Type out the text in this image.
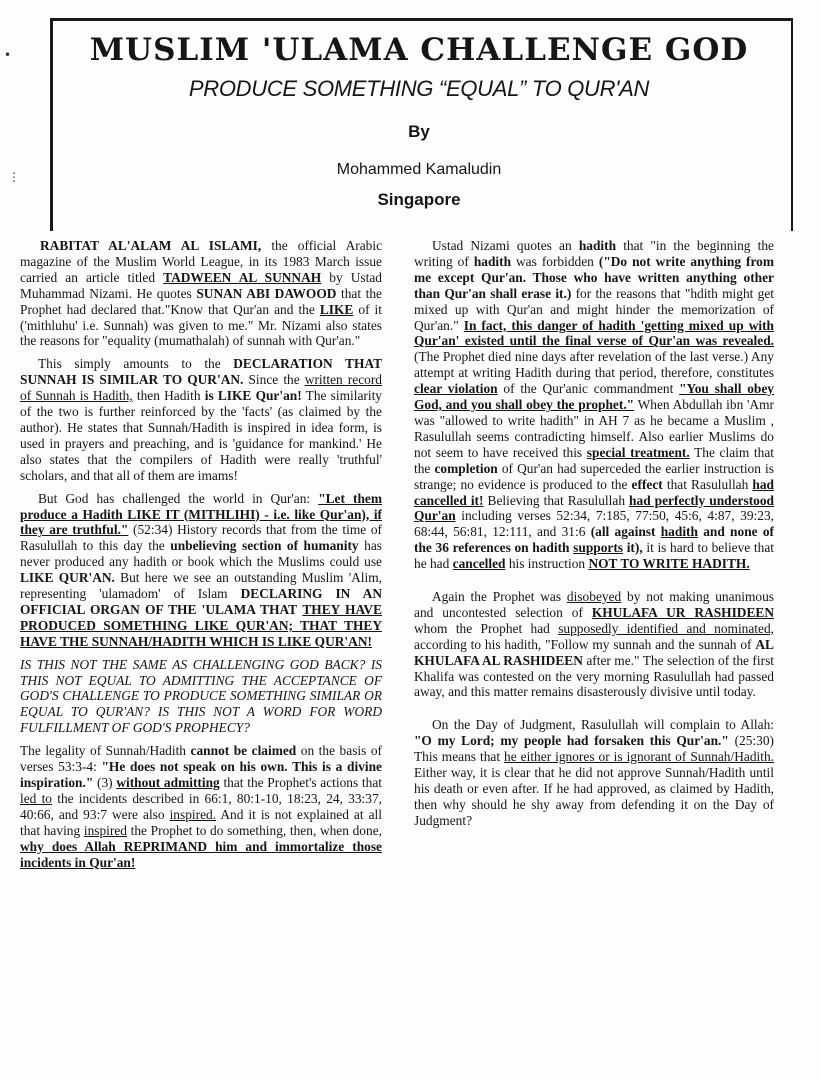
•
⋮
MUSLIM 'ULAMA CHALLENGE GOD
PRODUCE SOMETHING “EQUAL” TO QUR'AN
By
Mohammed Kamaludin
Singapore

RABITAT AL'ALAM AL ISLAMI, the official Arabic magazine of the Muslim World League, in its 1983 March issue carried an article titled TADWEEN AL SUNNAH by Ustad Muhammad Nizami. He quotes SUNAN ABI DAWOOD that the Prophet had declared that."Know that Qur'an and the LIKE of it ('mithluhu' i.e. Sunnah) was given to me." Mr. Nizami also states the reasons for "equality (mumathalah) of sunnah with Qur'an."

This simply amounts to the DECLARATION THAT SUNNAH IS SIMILAR TO QUR'AN. Since the written record of Sunnah is Hadith, then Hadith is LIKE Qur'an! The similarity of the two is further reinforced by the 'facts' (as claimed by the author). He states that Sunnah/Hadith is inspired in idea form, is used in prayers and preaching, and is 'guidance for mankind.' He also states that the compilers of Hadith were really 'truthful' scholars, and that all of them are imams!

But God has challenged the world in Qur'an: "Let them produce a Hadith LIKE IT (MITHLIHI) - i.e. like Qur'an), if they are truthful." (52:34) History records that from the time of Rasulullah to this day the unbelieving section of humanity has never produced any hadith or book which the Muslims could use LIKE QUR'AN. But here we see an outstanding Muslim 'Alim, representing 'ulamadom' of Islam DECLARING IN AN OFFICIAL ORGAN OF THE 'ULAMA THAT THEY HAVE PRODUCED SOMETHING LIKE QUR'AN; THAT THEY HAVE THE SUNNAH/HADITH WHICH IS LIKE QUR'AN!

IS THIS NOT THE SAME AS CHALLENGING GOD BACK? IS THIS NOT EQUAL TO ADMITTING THE ACCEPTANCE OF GOD'S CHALLENGE TO PRODUCE SOMETHING SIMILAR OR EQUAL TO QUR'AN? IS THIS NOT A WORD FOR WORD FULFILLMENT OF GOD'S PROPHECY?

The legality of Sunnah/Hadith cannot be claimed on the basis of verses 53:3-4: "He does not speak on his own. This is a divine inspiration." (3) without admitting that the Prophet's actions that led to the incidents described in 66:1, 80:1-10, 18:23, 24, 33:37, 40:66, and 93:7 were also inspired. And it is not explained at all that having inspired the Prophet to do something, then, when done, why does Allah REPRIMAND him and immortalize those incidents in Qur'an!

Ustad Nizami quotes an hadith that "in the beginning the writing of hadith was forbidden ("Do not write anything from me except Qur'an. Those who have written anything other than Qur'an shall erase it.) for the reasons that "hdith might get mixed up with Qur'an and might hinder the memorization of Qur'an." In fact, this danger of hadith 'getting mixed up with Qur'an' existed until the final verse of Qur'an was revealed. (The Prophet died nine days after revelation of the last verse.) Any attempt at writing Hadith during that period, therefore, constitutes clear violation of the Qur'anic commandment "You shall obey God, and you shall obey the prophet." When Abdullah ibn 'Amr was "allowed to write hadith" in AH 7 as he became a Muslim , Rasulullah seems contradicting himself. Also earlier Muslims do not seem to have received this special treatment. The claim that the completion of Qur'an had superceded the earlier instruction is strange; no evidence is produced to the effect that Rasulullah had cancelled it! Believing that Rasulullah had perfectly understood Qur'an including verses 52:34, 7:185, 77:50, 45:6, 4:87, 39:23, 68:44, 56:81, 12:111, and 31:6 (all against hadith and none of the 36 references on hadith supports it), it is hard to believe that he had cancelled his instruction NOT TO WRITE HADITH.

Again the Prophet was disobeyed by not making unanimous and uncontested selection of KHULAFA UR RASHIDEEN whom the Prophet had supposedly identified and nominated, according to his hadith, "Follow my sunnah and the sunnah of AL KHULAFA AL RASHIDEEN after me." The selection of the first Khalifa was contested on the very morning Rasulullah had passed away, and this matter remains disasterously divisive until today.

On the Day of Judgment, Rasulullah will complain to Allah: "O my Lord; my people had forsaken this Qur'an." (25:30) This means that he either ignores or is ignorant of Sunnah/Hadith. Either way, it is clear that he did not approve Sunnah/Hadith until his death or even after. If he had approved, as claimed by Hadith, then why should he shy away from defending it on the Day of Judgment?
